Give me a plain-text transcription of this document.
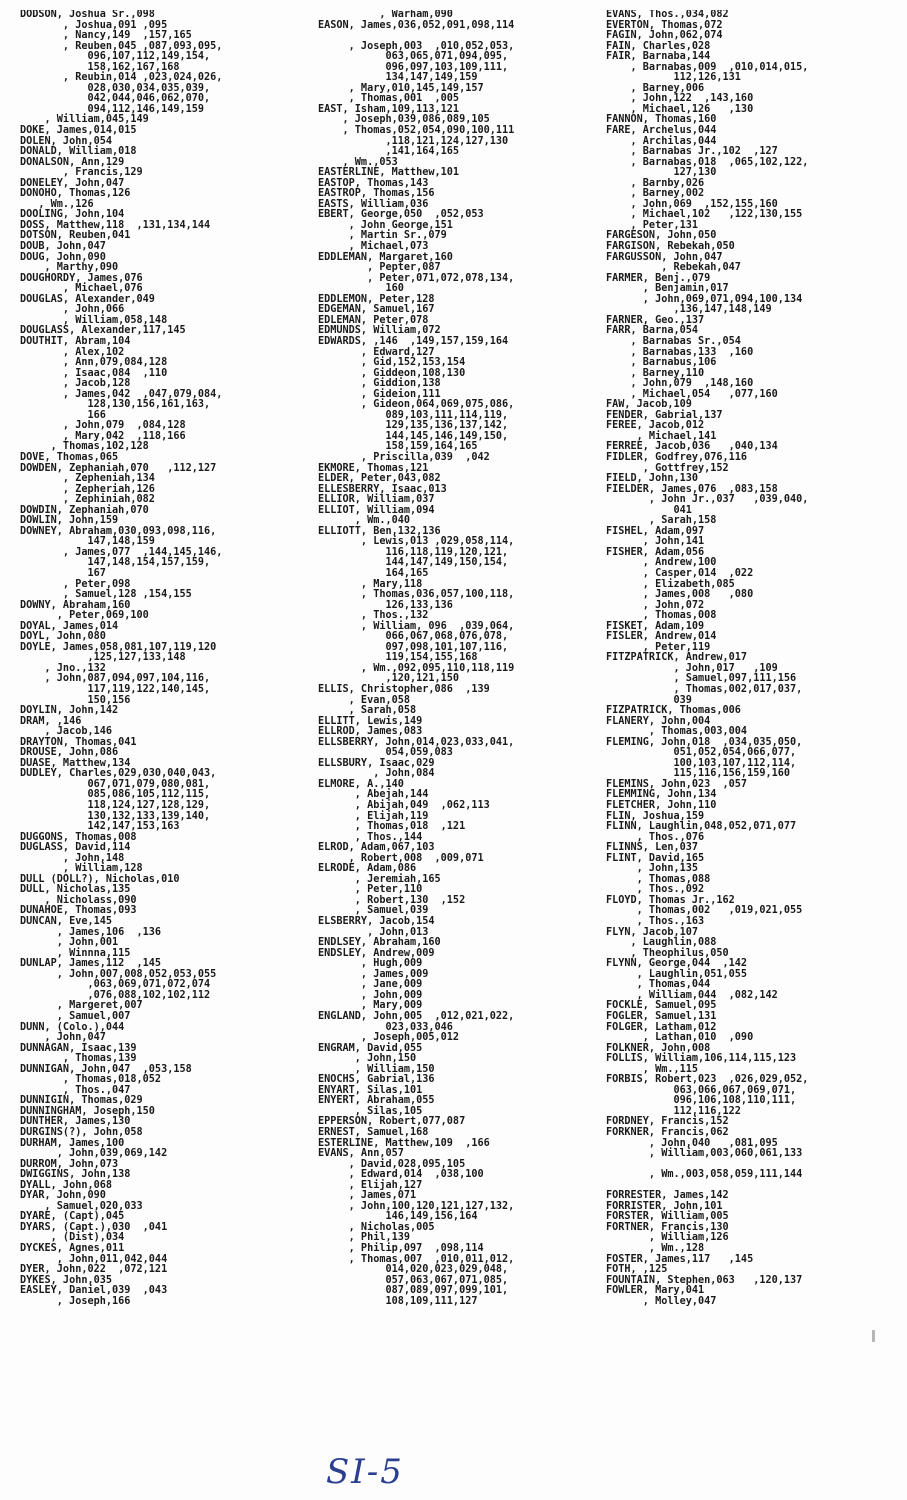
DODSON, Joshua Sr.,098
, Joshua,091 ,095
, Nancy,149  ,157,165
, Reuben,045 ,087,093,095,
096,107,112,149,154,
158,162,167,168
, Reubin,014 ,023,024,026,
028,030,034,035,039,
042,044,046,062,070,
094,112,146,149,159
, William,045,149
DOKE, James,014,015
DOLEN, John,054
DONALD, William,018
DONALSON, Ann,129
, Francis,129
DONELEY, John,047
DONOHO, Thomas,126
, Wm.,126
DOOLING, John,104
DOSS, Matthew,118  ,131,134,144
DOTSON, Reuben,041
DOUB, John,047
DOUG, John,090
, Marthy,090
DOUGHORDY, James,076
, Michael,076
DOUGLAS, Alexander,049
, John,066
, William,058,148
DOUGLASS, Alexander,117,145
DOUTHIT, Abram,104
, Alex,102
, Ann,079,084,128
, Isaac,084  ,110
, Jacob,128
, James,042  ,047,079,084,
128,130,156,161,163,
166
, John,079  ,084,128
, Mary,042  ,118,166
, Thomas,102,128
DOVE, Thomas,065
DOWDEN, Zephaniah,070   ,112,127
, Zepheniah,134
, Zepheriah,126
, Zephiniah,082
DOWDIN, Zephaniah,070
DOWLIN, John,159
DOWNEY, Abraham,030,093,098,116,
147,148,159
, James,077  ,144,145,146,
147,148,154,157,159,
167
, Peter,098
, Samuel,128 ,154,155
DOWNY, Abraham,160
, Peter,069,100
DOYAL, James,014
DOYL, John,080
DOYLE, James,058,081,107,119,120
,125,127,133,148
, Jno.,132
, John,087,094,097,104,116,
117,119,122,140,145,
150,156
DOYLIN, John,142
DRAM, ,146
, Jacob,146
DRAYTON, Thomas,041
DROUSE, John,086
DUASE, Matthew,134
DUDLEY, Charles,029,030,040,043,
067,071,079,080,081,
085,086,105,112,115,
118,124,127,128,129,
130,132,133,139,140,
142,147,153,163
DUGGONS, Thomas,008
DUGLASS, David,114
, John,148
, William,128
DULL (DOLL?), Nicholas,010
DULL, Nicholas,135
, Nicholass,090
DUNAHOE, Thomas,093
DUNCAN, Eve,145
, James,106  ,136
, John,001
, Winnna,115
DUNLAP, James,112  ,145
, John,007,008,052,053,055
,063,069,071,072,074
,076,088,102,102,112
, Margeret,007
, Samuel,007
DUNN, (Colo.),044
, John,047
DUNNAGAN, Isaac,139
, Thomas,139
DUNNIGAN, John,047  ,053,158
, Thomas,018,052
, Thos.,047
DUNNIGIN, Thomas,029
DUNNINGHAM, Joseph,150
DUNTHER, James,130
DURGINS(?), John,058
DURHAM, James,100
, John,039,069,142
DURROM, John,073
DWIGGINS, John,138
DYALL, John,068
DYAR, John,090
, Samuel,020,033
DYARE, (Capt),045
DYARS, (Capt.),030  ,041
, (Dist),034
DYCKES, Agnes,011
, John,011,042,044
DYER, John,022  ,072,121
DYKES, John,035
EASLEY, Daniel,039  ,043
, Joseph,166
, Warham,090
EASON, James,036,052,091,098,114

, Joseph,003  ,010,052,053,
063,065,071,094,095,
096,097,103,109,111,
134,147,149,159
, Mary,010,145,149,157
, Thomas,001  ,005
EAST, Isham,109,113,121
, Joseph,039,086,089,105
, Thomas,052,054,090,100,111
,118,121,124,127,130
,141,164,165
, Wm.,053
EASTERLINE, Matthew,101
EASTOP, Thomas,143
EASTROP, Thomas,156
EASTS, William,036
EBERT, George,050  ,052,053
, John George,151
, Martin Sr.,079
, Michael,073
EDDLEMAN, Margaret,160
, Pepter,087
, Peter,071,072,078,134,
160
EDDLEMON, Peter,128
EDGEMAN, Samuel,167
EDLEMAN, Peter,078
EDMUNDS, William,072
EDWARDS, ,146  ,149,157,159,164
, Edward,127
, Gid,152,153,154
, Giddeon,108,130
, Giddion,138
, Gideion,111
, Gideon,064,069,075,086,
089,103,111,114,119,
129,135,136,137,142,
144,145,146,149,150,
158,159,164,165
, Priscilla,039  ,042
EKMORE, Thomas,121
ELDER, Peter,043,082
ELLESBERRY, Isaac,013
ELLIOR, William,037
ELLIOT, William,094
, Wm.,040
ELLIOTT, Ben,132,136
, Lewis,013 ,029,058,114,
116,118,119,120,121,
144,147,149,150,154,
164,165
, Mary,118
, Thomas,036,057,100,118,
126,133,136
, Thos.,132
, William, 096  ,039,064,
066,067,068,076,078,
097,098,101,107,116,
119,154,155,168
, Wm.,092,095,110,118,119
,120,121,150
ELLIS, Christopher,086  ,139
, Evan,058
, Sarah,058
ELLITT, Lewis,149
ELLROD, James,083
ELLSBERRY, John,014,023,033,041,
054,059,083
ELLSBURY, Isaac,029
, John,084
ELMORE, A.,140
, Abejah,144
, Abijah,049  ,062,113
, Elijah,119
, Thomas,018  ,121
, Thos.,144
ELROD, Adam,067,103
, Robert,008  ,009,071
ELRODE, Adam,086
, Jeremiah,165
, Peter,110
, Robert,130  ,152
, Samuel,039
ELSBERRY, Jacob,154
, John,013
ENDLSEY, Abraham,160
ENDSLEY, Andrew,009
, Hugh,009
, James,009
, Jane,009
, John,009
, Mary,009
ENGLAND, John,005  ,012,021,022,
023,033,046
, Joseph,005,012
ENGRAM, David,055
, John,150
, William,150
ENOCHS, Gabrial,136
ENYART, Silas,101
ENYERT, Abraham,055
, Silas,105
EPPERSON, Robert,077,087
ERNEST, Samuel,168
ESTERLINE, Matthew,109  ,166
EVANS, Ann,057
, David,028,095,105
, Edward,014  ,038,100
, Elijah,127
, James,071
, John,100,120,121,127,132,
146,149,156,164
, Nicholas,005
, Phil,139
, Philip,097  ,098,114
, Thomas,007  ,010,011,012,
014,020,023,029,048,
057,063,067,071,085,
087,089,097,099,101,
108,109,111,127
EVANS, Thos.,034,082
EVERTON, Thomas,072
FAGIN, John,062,074
FAIN, Charles,028
FAIR, Barnaba,144
, Barnabas,009  ,010,014,015,
112,126,131
, Barney,006
, John,122  ,143,160
, Michael,126   ,130
FANNON, Thomas,160
FARE, Archelus,044
, Archilas,044
, Barnabas Jr.,102  ,127
, Barnabas,018  ,065,102,122,
127,130
, Barnby,026
, Barney,002
, John,069  ,152,155,160
, Michael,102   ,122,130,155
, Peter,131
FARGESON, John,050
FARGISON, Rebekah,050
FARGUSSON, John,047
, Rebekah,047
FARMER, Benj.,079
, Benjamin,017
, John,069,071,094,100,134
,136,147,148,149
FARNER, Geo.,137
FARR, Barna,054
, Barnabas Sr.,054
, Barnabas,133  ,160
, Barnabus,106
, Barney,110
, John,079  ,148,160
, Michael,054   ,077,160
FAW, Jacob,109
FENDER, Gabrial,137
FEREE, Jacob,012
, Michael,141
FERREE, Jacob,036   ,040,134
FIDLER, Godfrey,076,116
, Gottfrey,152
FIELD, John,130
FIELDER, James,076  ,083,158
, John Jr.,037   ,039,040,
041
, Sarah,158
FISHEL, Adam,097
, John,141
FISHER, Adam,056
, Andrew,100
, Casper,014  ,022
, Elizabeth,085
, James,008   ,080
, John,072
, Thomas,008
FISKET, Adam,109
FISLER, Andrew,014
, Peter,119
FITZPATRICK, Andrew,017
, John,017   ,109
, Samuel,097,111,156
, Thomas,002,017,037,
039
FIZPATRICK, Thomas,006
FLANERY, John,004
, Thomas,003,004
FLEMING, John,018  ,034,035,050,
051,052,054,066,077,
100,103,107,112,114,
115,116,156,159,160
FLEMINS, John,023  ,057
FLEMMING, John,134
FLETCHER, John,110
FLIN, Joshua,159
FLINN, Laughlin,048,052,071,077
, Thos.,076
FLINNS, Len,037
FLINT, David,165
, John,135
, Thomas,088
, Thos.,092
FLOYD, Thomas Jr.,162
, Thomas,002   ,019,021,055
, Thos.,163
FLYN, Jacob,107
, Laughlin,088
, Theophilus,050
FLYNN, George,044  ,142
, Laughlin,051,055
, Thomas,044
, William,044  ,082,142
FOCKLE, Samuel,095
FOGLER, Samuel,131
FOLGER, Latham,012
, Lathan,010  ,090
FOLKNER, John,008
FOLLIS, William,106,114,115,123
, Wm.,115
FORBIS, Robert,023  ,026,029,052,
063,066,067,069,071,
096,106,108,110,111,
112,116,122
FORDNEY, Francis,152
FORKNER, Francis,062
, John,040   ,081,095
, William,003,060,061,133

, Wm.,003,058,059,111,144

FORRESTER, James,142
FORRISTER, John,101
FORSTER, William,005
FORTNER, Francis,130
, William,126
, Wm.,128
FOSTER, James,117   ,145
FOTH, ,125
FOUNTAIN, Stephen,063   ,120,137
FOWLER, Mary,041
, Molley,047
SI-5
